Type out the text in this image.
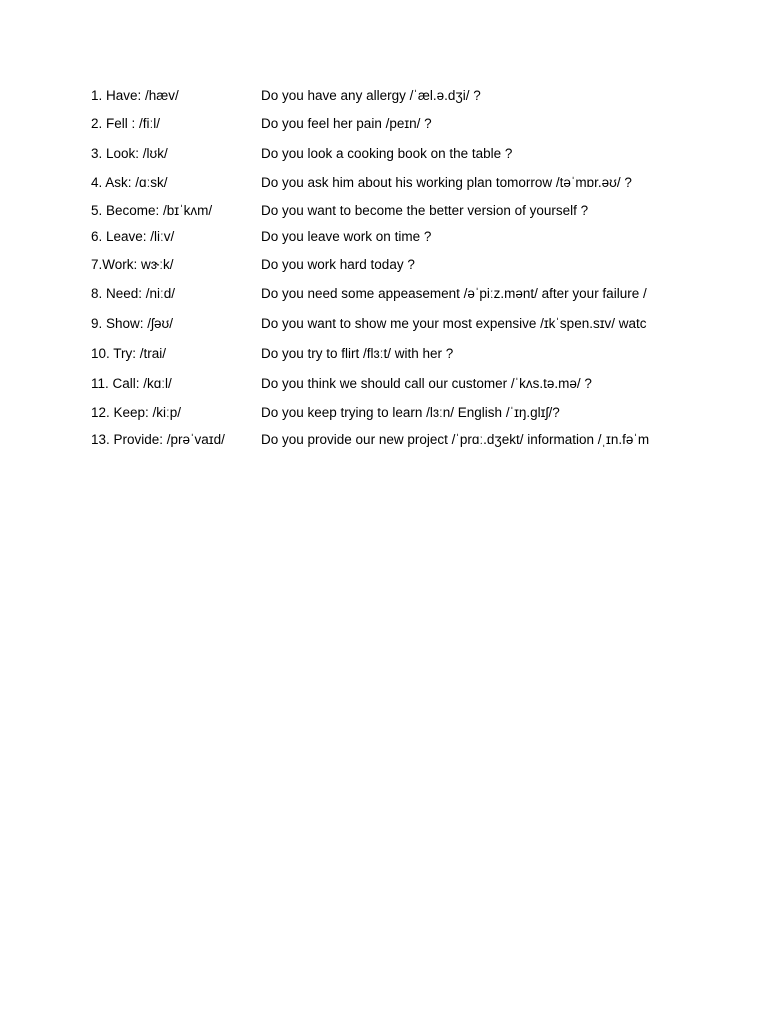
1. Have: /hæv/	Do you have any allergy /ˈæl.ə.dʒi/ ?
2. Fell : /fiːl/	Do you feel her pain /peɪn/ ?
3. Look: /lʊk/	Do you look a cooking book on the table ?
4. Ask: /ɑːsk/	Do you ask him about his working plan tomorrow /təˈmɒr.əʊ/ ?
5. Become: /bɪˈkʌm/	Do you want to become the better version of yourself ?
6. Leave: /liːv/	Do you leave work on time ?
7.Work: wɝːk/	Do you work hard today ?
8. Need: /niːd/	Do you need some appeasement /əˈpiːz.mənt/ after your failure /
9. Show: /ʃəʊ/	Do you want to show me your most expensive /ɪkˈspen.sɪv/ watc
10. Try: /trai/	Do you try to flirt /flɜːt/ with her ?
11. Call: /kɑːl/	Do you think we should call our customer /ˈkʌs.tə.mə/ ?
12. Keep: /kiːp/	Do you keep trying to learn /lɜːn/ English /ˈɪŋ.ɡlɪʃ/?
13. Provide: /prəˈvaɪd/	Do you provide our new project /ˈprɑː.dʒekt/ information /ˌɪn.fəˈm
